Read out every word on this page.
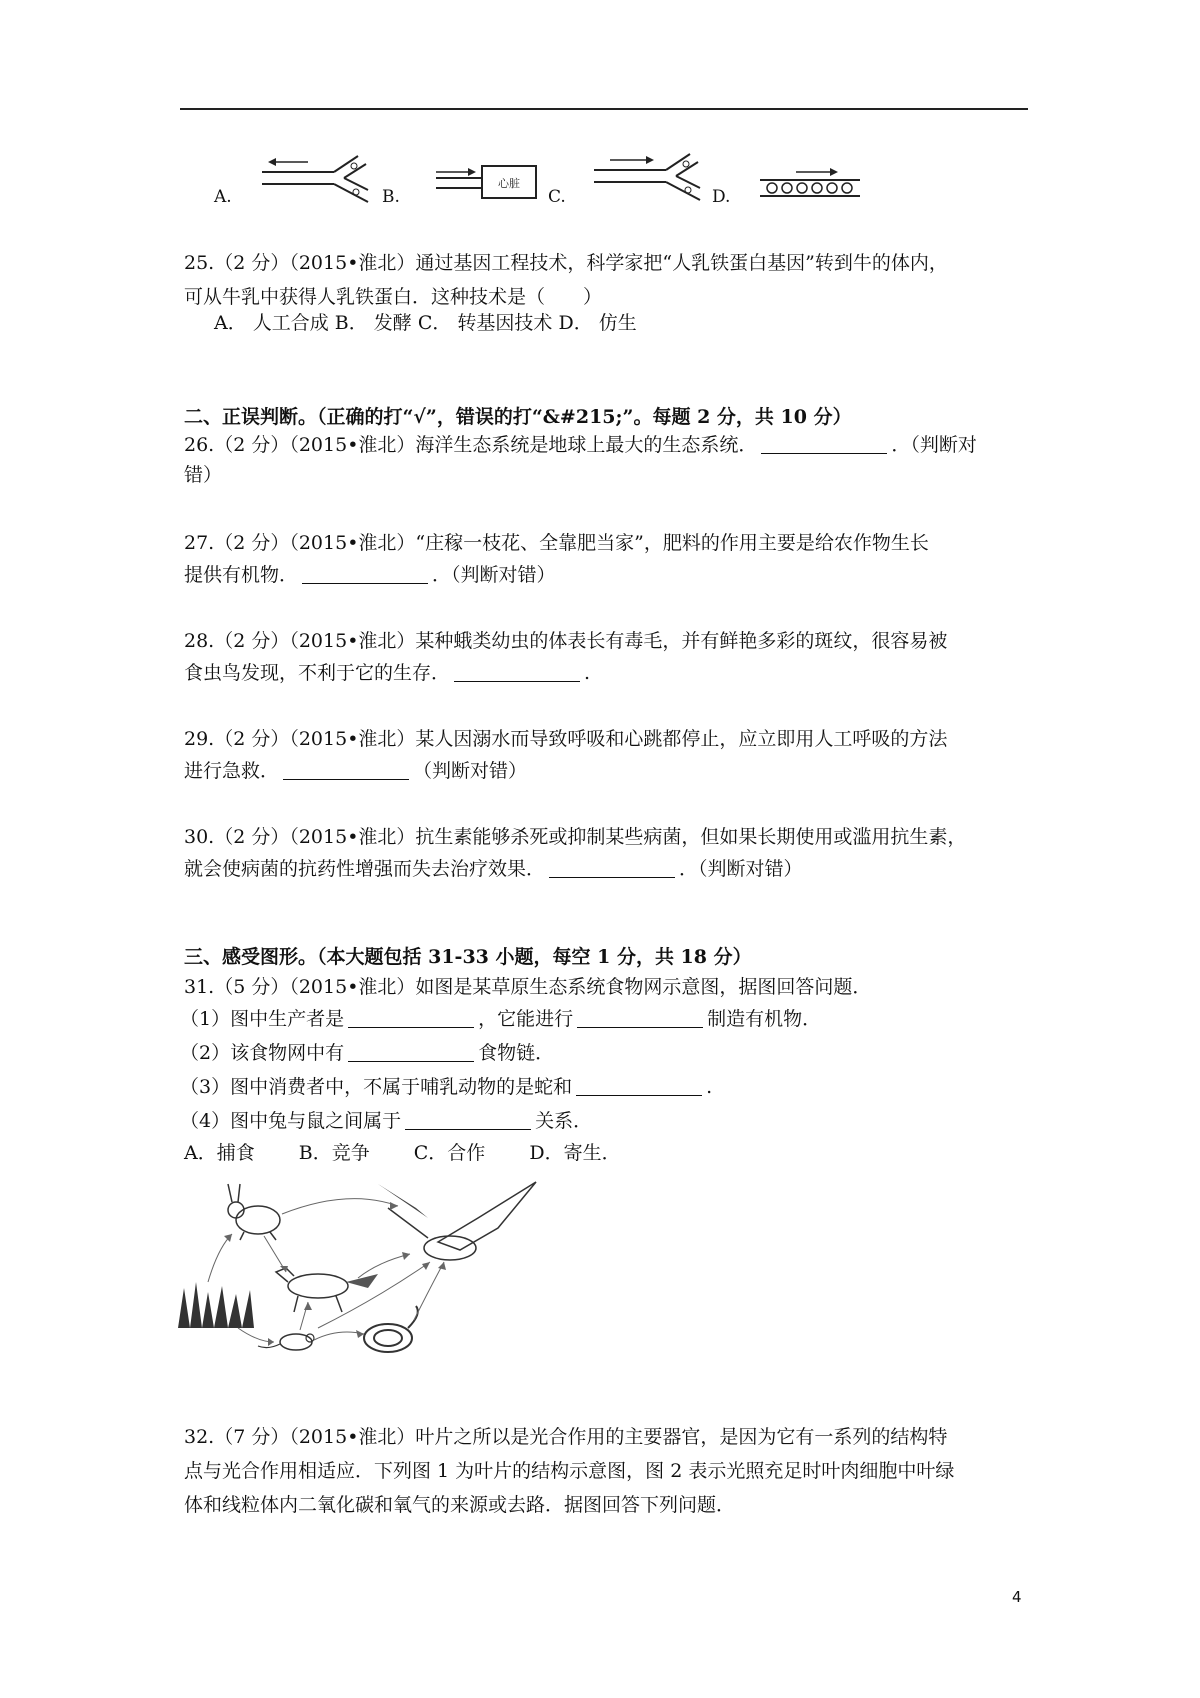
A.	B.
心脏
C.	D.
25.（2 分）（2015•淮北）通过基因工程技术，科学家把“人乳铁蛋白基因”转到牛的体内，
可从牛乳中获得人乳铁蛋白．这种技术是（　　）
A． 人工合成 B． 发酵 C． 转基因技术 D． 仿生
二、正误判断。（正确的打“√”，错误的打“&#215;”。每题 2 分，共 10 分）
26.（2 分）（2015•淮北）海洋生态系统是地球上最大的生态系统．	．（判断对
错）
27.（2 分）（2015•淮北）“庄稼一枝花、全靠肥当家”，肥料的作用主要是给农作物生长
提供有机物．	．（判断对错）
28.（2 分）（2015•淮北）某种蛾类幼虫的体表长有毒毛，并有鲜艳多彩的斑纹，很容易被
食虫鸟发现，不利于它的生存．	.
29.（2 分）（2015•淮北）某人因溺水而导致呼吸和心跳都停止，应立即用人工呼吸的方法
进行急救．	（判断对错）
30.（2 分）（2015•淮北）抗生素能够杀死或抑制某些病菌，但如果长期使用或滥用抗生素，
就会使病菌的抗药性增强而失去治疗效果．	．（判断对错）
三、感受图形。（本大题包括 31-33 小题，每空 1 分，共 18 分）
31.（5 分）（2015•淮北）如图是某草原生态系统食物网示意图，据图回答问题．
（1）图中生产者是	，它能进行	制造有机物．
（2）该食物网中有	食物链．
（3）图中消费者中，不属于哺乳动物的是蛇和	.
（4）图中兔与鼠之间属于	关系．
A．捕食　　 B．竞争　　 C．合作　　 D．寄生．
32.（7 分）（2015•淮北）叶片之所以是光合作用的主要器官，是因为它有一系列的结构特
点与光合作用相适应．下列图 1 为叶片的结构示意图，图 2 表示光照充足时叶肉细胞中叶绿
体和线粒体内二氧化碳和氧气的来源或去路．据图回答下列问题．
4
